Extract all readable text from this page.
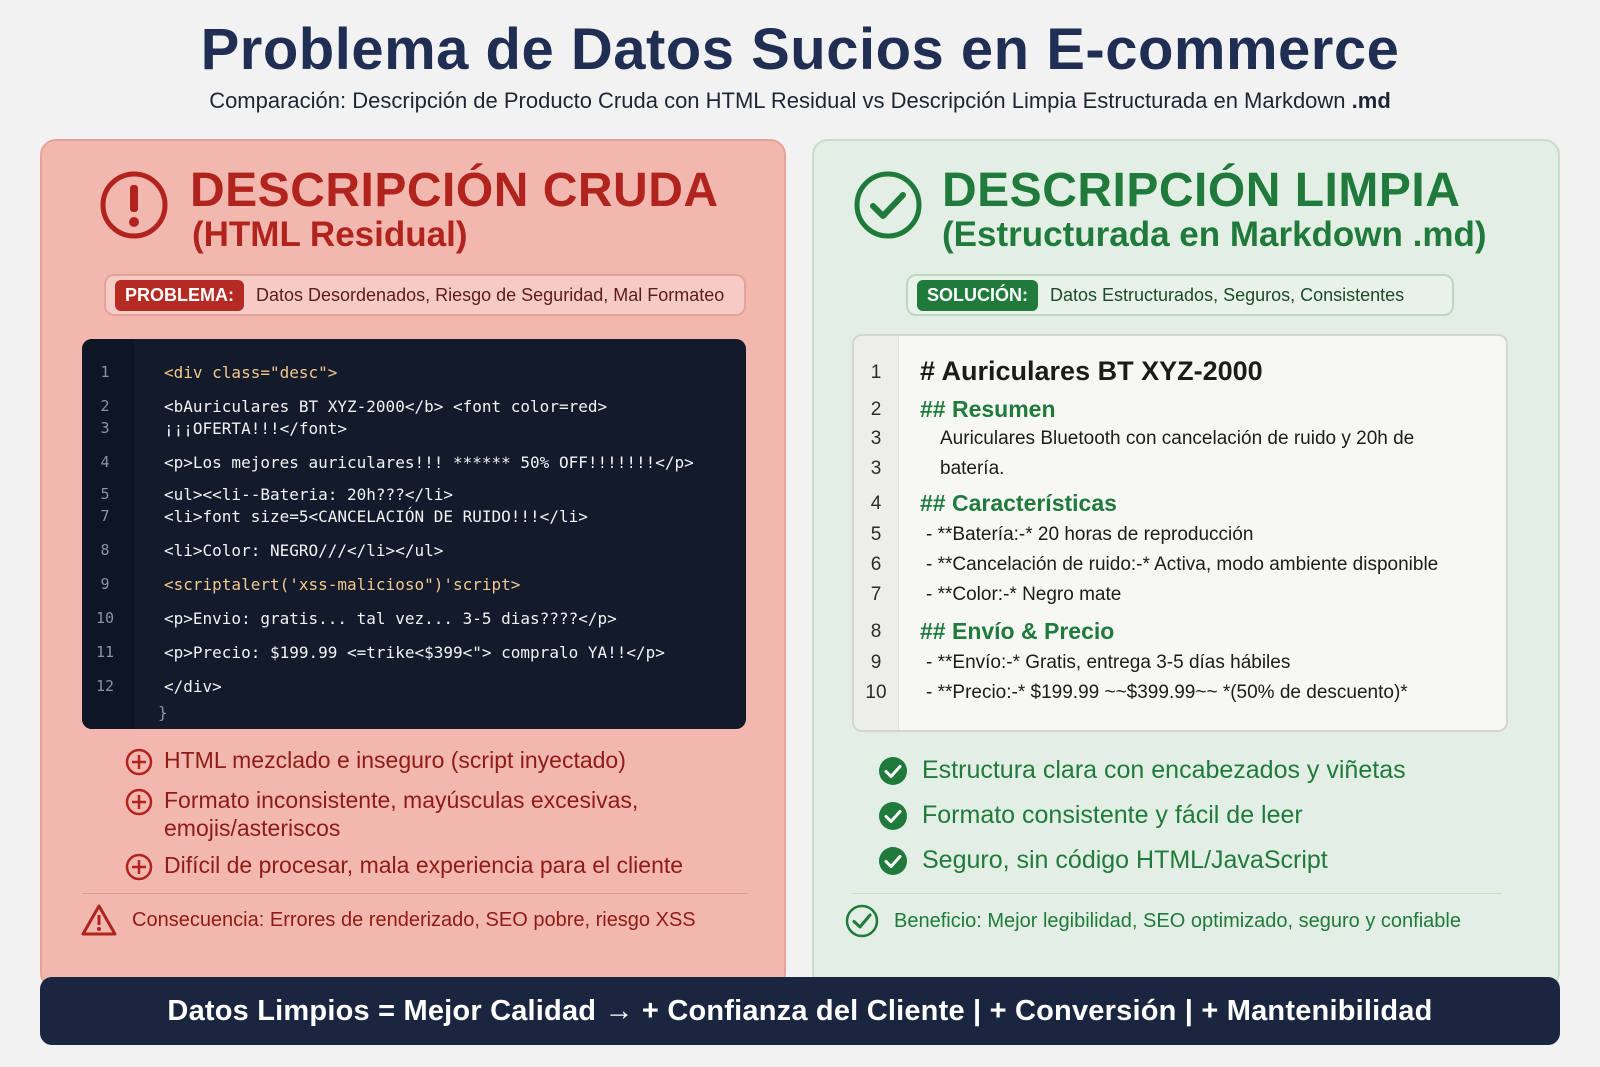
Problema de Datos Sucios en E-commerce
Comparación: Descripción de Producto Cruda con HTML Residual vs Descripción Limpia Estructurada en Markdown .md
DESCRIPCIÓN CRUDA
(HTML Residual)
PROBLEMA:	Datos Desordenados, Riesgo de Seguridad, Mal Formateo
}
1	<div class="desc">
2	<bAuriculares BT XYZ-2000</b> <font color=red>
3	¡¡¡OFERTA!!!</font>
4	<p>Los mejores auriculares!!! ****** 50% OFF!!!!!!!</p>
5	<ul><<li--Bateria: 20h???</li>
7	<li>font size=5<CANCELACIÓN DE RUIDO!!!</li>
8	<li>Color: NEGRO///</li></ul>
9	<scriptalert('xss-malicioso")'script>
10	<p>Envio: gratis... tal vez... 3-5 dias????</p>
11	<p>Precio: $199.99 <=trike<$399<"> compralo YA!!</p>
12	</div>
HTML mezclado e inseguro (script inyectado)
Formato inconsistente, mayúsculas excesivas, emojis/asteriscos
Difícil de procesar, mala experiencia para el cliente
Consecuencia: Errores de renderizado, SEO pobre, riesgo XSS
DESCRIPCIÓN LIMPIA
(Estructurada en Markdown .md)
SOLUCIÓN:	Datos Estructurados, Seguros, Consistentes
1	# Auriculares BT XYZ-2000
2	## Resumen
3	Auriculares Bluetooth con cancelación de ruido y 20h de
3	batería.
4	## Características
5	- **Batería:-* 20 horas de reproducción
6	- **Cancelación de ruido:-* Activa, modo ambiente disponible
7	- **Color:-* Negro mate
8	## Envío & Precio
9	- **Envío:-* Gratis, entrega 3-5 días hábiles
10	- **Precio:-* $199.99 ~~$399.99~~ *(50% de descuento)*
Estructura clara con encabezados y viñetas
Formato consistente y fácil de leer
Seguro, sin código HTML/JavaScript
Beneficio: Mejor legibilidad, SEO optimizado, seguro y confiable
Datos Limpios = Mejor Calidad → + Confianza del Cliente | + Conversión | + Mantenibilidad
